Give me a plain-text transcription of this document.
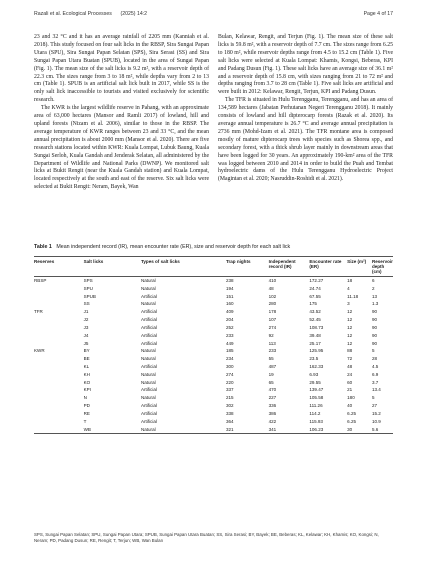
Razali et al. Ecological Processes (2025) 14:2	Page 4 of 17

23 and 32 °C and it has an average rainfall of 2205 mm (Kanniah et al. 2018). This study focused on four salt licks in the RBSP, Sira Sungai Papan Utara (SPU), Sira Sungai Papan Selatan (SPS), Sira Serasi (SS) and Sira Sungai Papan Utara Buatan (SPUB), located in the area of Sungai Papan (Fig. 1). The mean size of the salt licks is 9.2 m², with a reservoir depth of 22.3 cm. The sizes range from 3 to 18 m², while depths vary from 2 to 13 cm (Table 1). SPUB is an artificial salt lick built in 2017, while SS is the only salt lick inaccessible to tourists and visited exclusively for scientific research.

The KWR is the largest wildlife reserve in Pahang, with an approximate area of 63,000 hectares (Mansor and Ramli 2017) of lowland, hill and upland forests (Nizam et al. 2006), similar to those in the RBSP. The average temperature of KWR ranges between 23 and 33 °C, and the mean annual precipitation is about 2000 mm (Mansor et al. 2020). There are five research stations located within KWR: Kuala Lompat, Lubuk Baung, Kuala Sungai Serloh, Kuala Gandah and Jenderak Selatan, all administered by the Department of Wildlife and National Parks (DWNP). We monitored salt licks at Bukit Rengit (near the Kuala Gandah station) and Kuala Lompat, located respectively at the south and east of the reserve. Six salt licks were selected at Bukit Rengit: Neram, Bayek, Wan

Bulan, Kelawar, Rengit, and Terjun (Fig. 1). The mean size of these salt licks is 59.8 m², with a reservoir depth of 7.7 cm. The sizes range from 6.25 to 180 m², while reservoir depths range from 4.5 to 15.2 cm (Table 1). Five salt licks were selected at Kuala Lompat: Khamis, Kongsi, Beberas, KPI and Padang Dusun (Fig. 1). These salt licks have an average size of 36.1 m² and a reservoir depth of 15.8 cm, with sizes ranging from 21 to 72 m² and depths ranging from 3.7 to 28 cm (Table 1). Five salt licks are artificial and were built in 2012: Kelawar, Rengit, Terjun, KPI and Padang Dusun.

The TFR is situated in Hulu Terengganu, Terengganu, and has an area of 134,589 hectares (Jabatan Perhutanan Negeri Terengganu 2018). It mainly consists of lowland and hill dipterocarp forests (Razak et al. 2020). Its average annual temperature is 26.7 °C and average annual precipitation is 2736 mm (Mohd-Izam et al. 2021). The TFR montane area is composed mostly of mature dipterocarp trees with species such as Shorea spp., and secondary forest, with a thick shrub layer mainly in downstream areas that have been logged for 30 years. An approximately 190-km² area of the TFR was logged between 2010 and 2014 in order to build the Puah and Tembat hydroelectric dams of the Hulu Terengganu Hydroelectric Project (Magintan et al. 2020; Nasruddin-Roshidi et al. 2021).

Table 1 Mean independent record (IR), mean encounter rate (ER), size and reservoir depth for each salt lick
Reserves	Salt licks	Types of salt licks	Trap nights	Independent record (IR)	Encounter rate (ER)	Size (m²)	Reservoir depth (cm)
RBSP	SPS	Natural	238	410	172.27	18	6
	SPU	Natural	194	48	24.74	4	2
	SPUB	Artificial	151	102	67.55	11.18	13
	SS	Natural	160	280	175	3	1.3
TFR	J1	Artificial	409	178	43.52	12	90
	J2	Artificial	204	107	52.45	12	90
	J3	Artificial	252	274	108.73	12	90
	J4	Artificial	233	92	39.48	12	90
	J5	Artificial	449	113	25.17	12	90
KWR	BY	Natural	185	233	125.95	88	5
	BE	Natural	234	55	23.5	72	28
	KL	Artificial	300	487	162.33	48	4.5
	KH	Natural	274	19	6.93	24	6.9
	KO	Natural	220	65	29.55	60	3.7
	KPI	Artificial	337	470	139.47	21	13.4
	N	Natural	215	227	105.58	180	5
	PD	Artificial	302	336	111.26	40	27
	RE	Artificial	338	386	114.2	6.25	15.2
	T	Artificial	364	422	115.93	6.25	10.9
	WB	Natural	321	341	106.23	30	5.6
SPS, Sungai Papan Selatan; SPU, Sungai Papan Utara; SPUB, Sungai Papan Utara Buatan; SS, Sira Serasi; BY, Bayek; BE, Beberas; KL, Kelawar; KH, Khamis; KO, Kongsi; N, Neram; PD, Padang Dusun; RE, Rengit; T, Terjun; WB, Wan Bulan
